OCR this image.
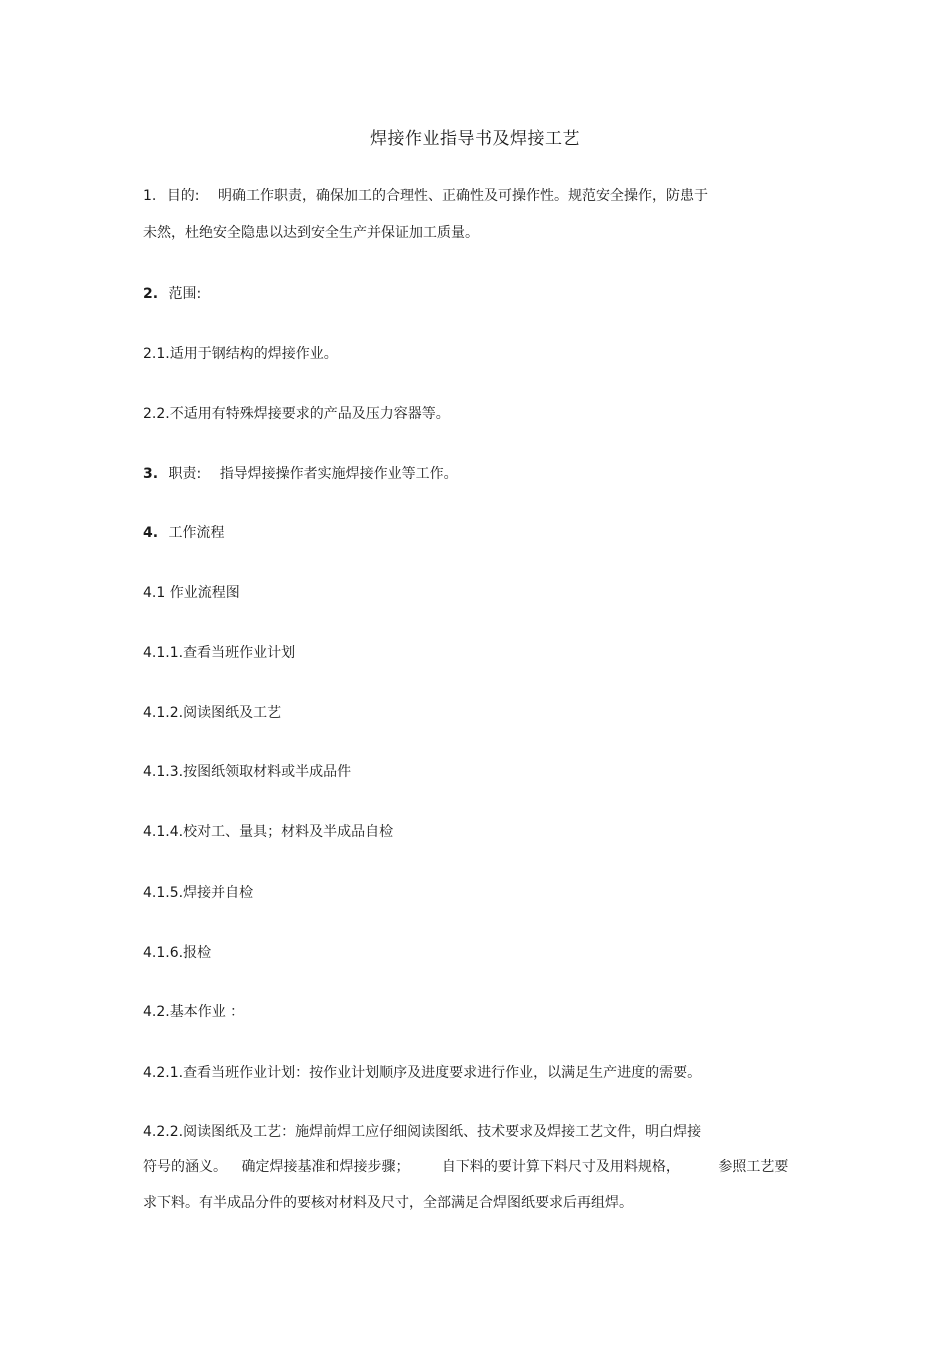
焊接作业指导书及焊接工艺
1. 目的: 明确工作职责，确保加工的合理性、正确性及可操作性。规范安全操作，防患于
未然，杜绝安全隐患以达到安全生产并保证加工质量。
2. 范围:
2.1.适用于钢结构的焊接作业。
2.2.不适用有特殊焊接要求的产品及压力容器等。
3. 职责: 指导焊接操作者实施焊接作业等工作。
4. 工作流程
4.1 作业流程图
4.1.1.查看当班作业计划
4.1.2.阅读图纸及工艺
4.1.3.按图纸领取材料或半成品件
4.1.4.校对工、量具；材料及半成品自检
4.1.5.焊接并自检
4.1.6.报检
4.2.基本作业 ：
4.2.1.查看当班作业计划：按作业计划顺序及进度要求进行作业，以满足生产进度的需要。
4.2.2.阅读图纸及工艺：施焊前焊工应仔细阅读图纸、技术要求及焊接工艺文件，明白焊接
符号的涵义。 确定焊接基准和焊接步骤； 自下料的要计算下料尺寸及用料规格，	参照工艺要
求下料。有半成品分件的要核对材料及尺寸，全部满足合焊图纸要求后再组焊。
